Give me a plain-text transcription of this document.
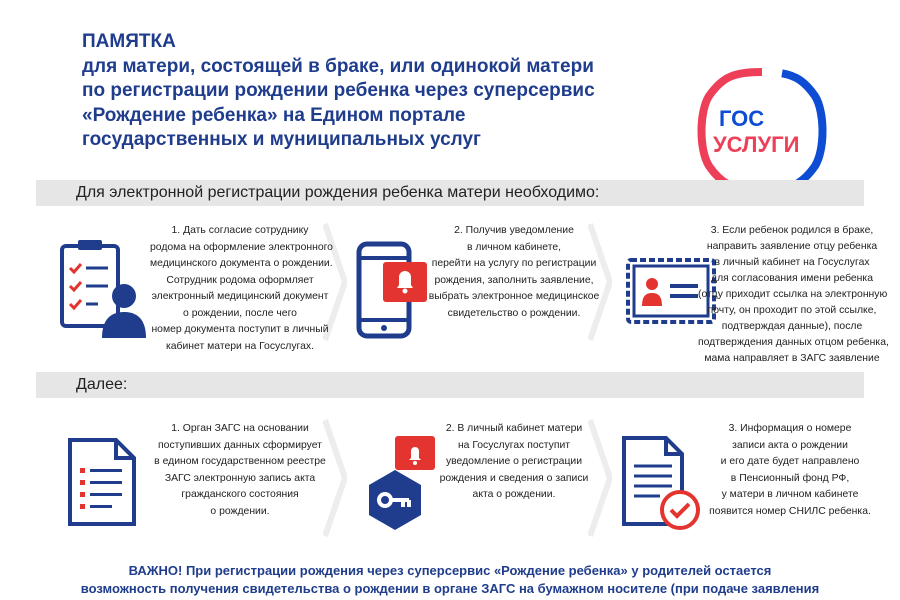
ПАМЯТКА
для матери, состоящей в браке, или одинокой матери
по регистрации рождении ребенка через суперсервис
«Рождение ребенка» на Едином портале
государственных и муниципальных услуг
ГОС
УСЛУГИ
Для электронной регистрации рождения ребенка матери необходимо:
1. Дать согласие сотруднику
родома на оформление электронного
медицинского документа о рождении.
Сотрудник родома оформляет
электронный медицинский документ
о рождении, после чего
номер документа поступит в личный
кабинет матери на Госуслугах.
2. Получив уведомление
в личном кабинете,
перейти на услугу по регистрации
рождения, заполнить заявление,
выбрать электронное медицинское
свидетельство о рождении.
3. Если ребенок родился в браке,
направить заявление отцу ребенка
в личный кабинет на Госуслугах
для согласования имени ребенка
(отцу приходит ссылка на электронную
почту, он проходит по этой ссылке,
подтверждая данные), после
подтверждения данных отцом ребенка,
мама направляет в ЗАГС заявление
Далее:
1. Орган ЗАГС на основании
поступивших данных сформирует
в едином государственном реестре
ЗАГС электронную запись акта
гражданского состояния
о рождении.
2. В личный кабинет матери
на Госуслугах поступит
уведомление о регистрации
рождения и сведения о записи
акта о рождении.
3. Информация о номере
записи акта о рождении
и его дате будет направлено
в Пенсионный фонд РФ,
у матери в личном кабинете
появится номер СНИЛС ребенка.
ВАЖНО! При регистрации рождения через суперсервис «Рождение ребенка» у родителей остается
возможность получения свидетельства о рождении в органе ЗАГС на бумажном носителе (при подаче заявления
